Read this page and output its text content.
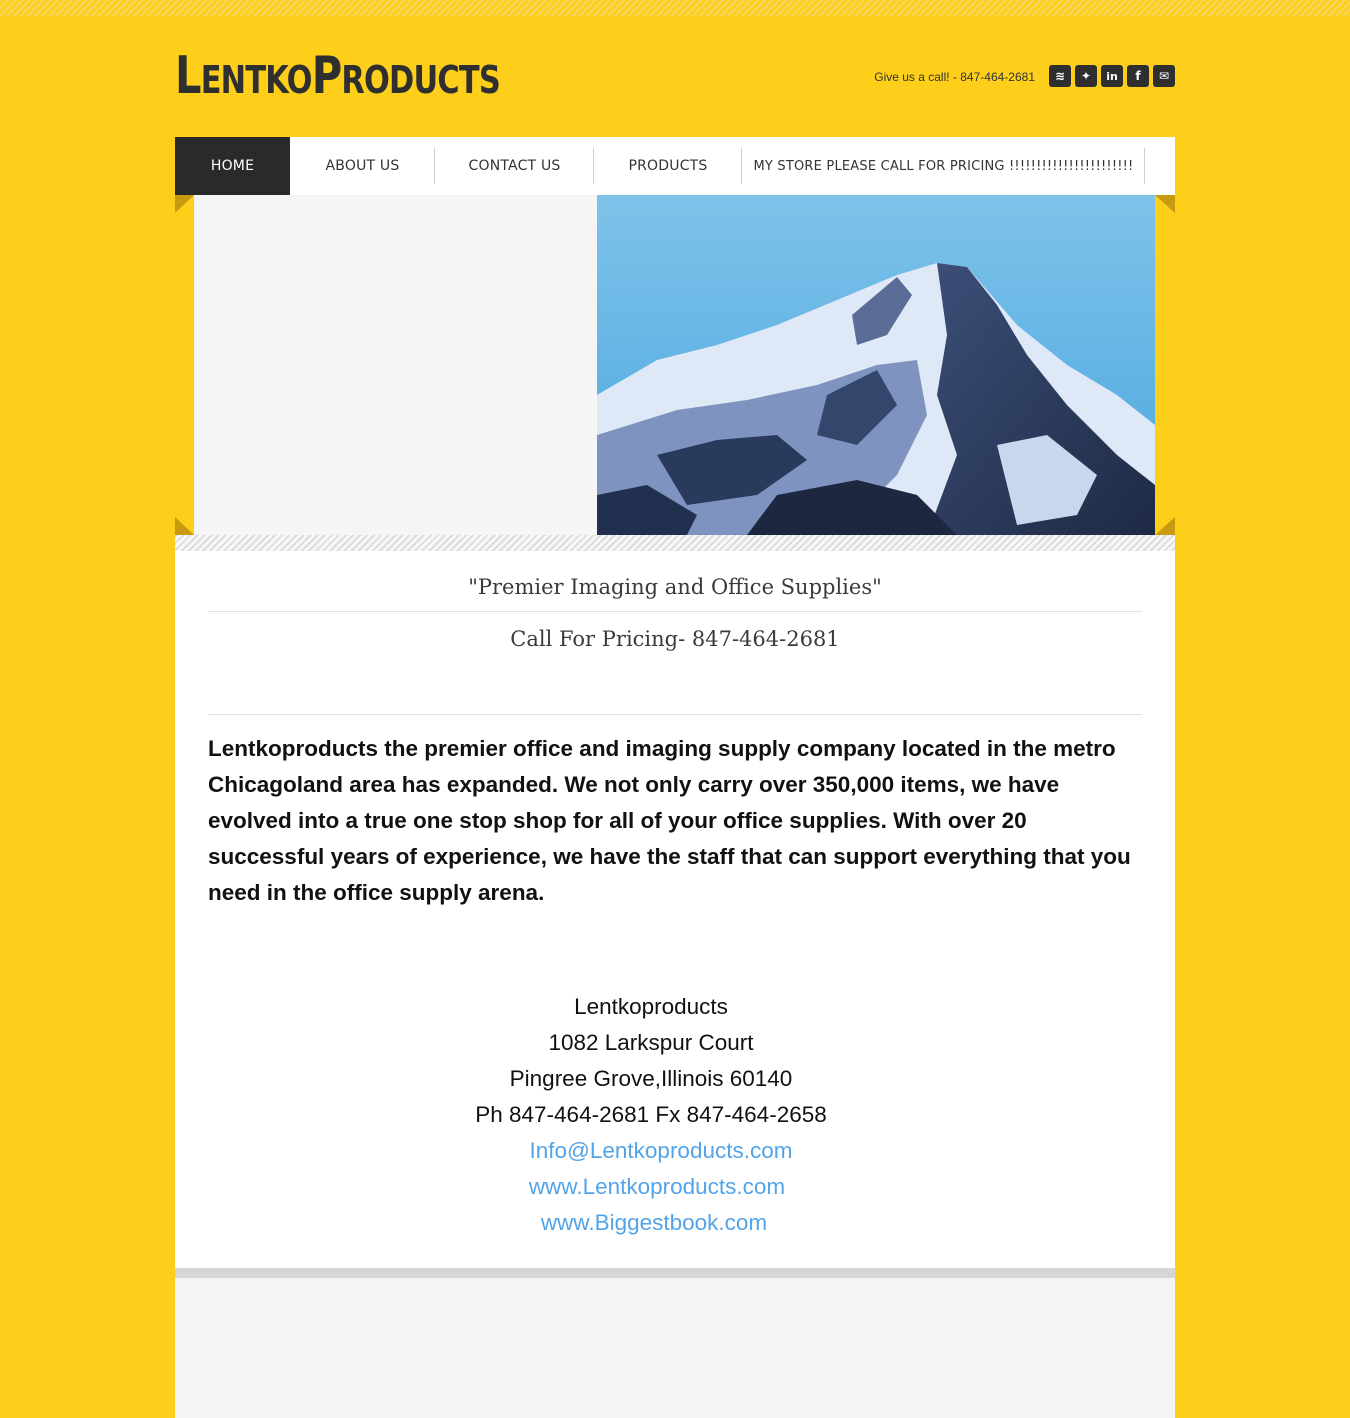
LENTKOPRODUCTS	Give us a call! - 847-464-2681	≋	✦	in	f	✉
HOME	ABOUT US	CONTACT US	PRODUCTS	MY STORE PLEASE CALL FOR PRICING !!!!!!!!!!!!!!!!!!!!!!!
"Premier Imaging and Office Supplies"
Call For Pricing- 847-464-2681
Lentkoproducts the premier office and imaging supply company located in the metro Chicagoland area has expanded. We not only carry over 350,000 items, we have evolved into a true one stop shop for all of your office supplies. With over 20 successful years of experience, we have the staff that can support everything that you need in the office supply arena.
Lentkoproducts
1082 Larkspur Court
Pingree Grove,Illinois 60140
Ph 847-464-2681 Fx 847-464-2658
Info@Lentkoproducts.com
www.Lentkoproducts.com
www.Biggestbook.com
